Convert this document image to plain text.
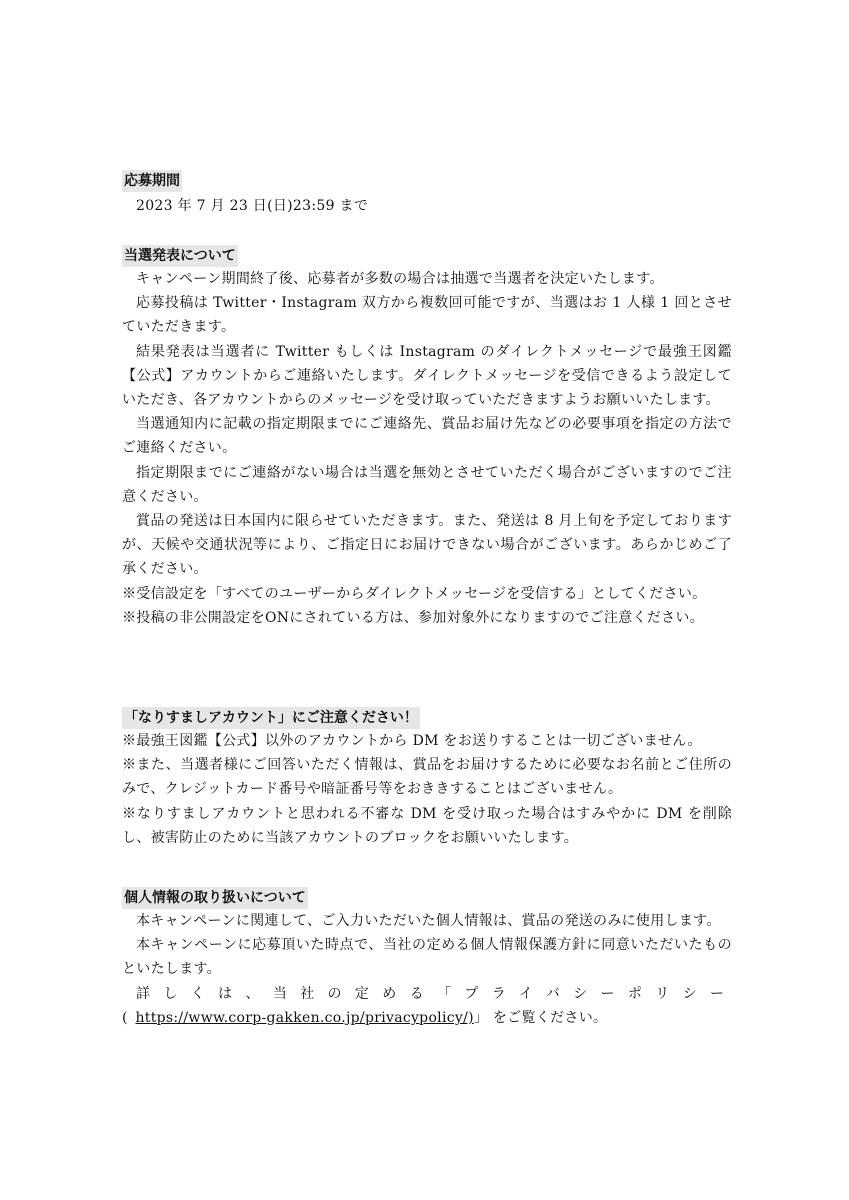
応募期間

2023 年 7 月 23 日(日)23:59 まで

当選発表について

キャンペーン期間終了後、応募者が多数の場合は抽選で当選者を決定いたします。

応募投稿は Twitter・Instagram 双方から複数回可能ですが、当選はお 1 人様 1 回とさせていただきます。

結果発表は当選者に Twitter もしくは Instagram のダイレクトメッセージで最強王図鑑【公式】アカウントからご連絡いたします。ダイレクトメッセージを受信できるよう設定していただき、各アカウントからのメッセージを受け取っていただきますようお願いいたします。

当選通知内に記載の指定期限までにご連絡先、賞品お届け先などの必要事項を指定の方法でご連絡ください。

指定期限までにご連絡がない場合は当選を無効とさせていただく場合がございますのでご注意ください。

賞品の発送は日本国内に限らせていただきます。また、発送は 8 月上旬を予定しておりますが、天候や交通状況等により、ご指定日にお届けできない場合がございます。あらかじめご了承ください。

※受信設定を「すべてのユーザーからダイレクトメッセージを受信する」としてください。

※投稿の非公開設定をONにされている方は、参加対象外になりますのでご注意ください。

「なりすましアカウント」にご注意ください！

※最強王図鑑【公式】以外のアカウントから DM をお送りすることは一切ございません。

※また、当選者様にご回答いただく情報は、賞品をお届けするために必要なお名前とご住所のみで、クレジットカード番号や暗証番号等をおききすることはございません。

※なりすましアカウントと思われる不審な DM を受け取った場合はすみやかに DM を削除し、被害防止のために当該アカウントのブロックをお願いいたします。

個人情報の取り扱いについて

本キャンペーンに関連して、ご入力いただいた個人情報は、賞品の発送のみに使用します。

本キャンペーンに応募頂いた時点で、当社の定める個人情報保護方針に同意いただいたものといたします。

詳しくは、当社の定める「プライバシーポリシー (https://www.corp-gakken.co.jp/privacypolicy/)」 をご覧ください。
